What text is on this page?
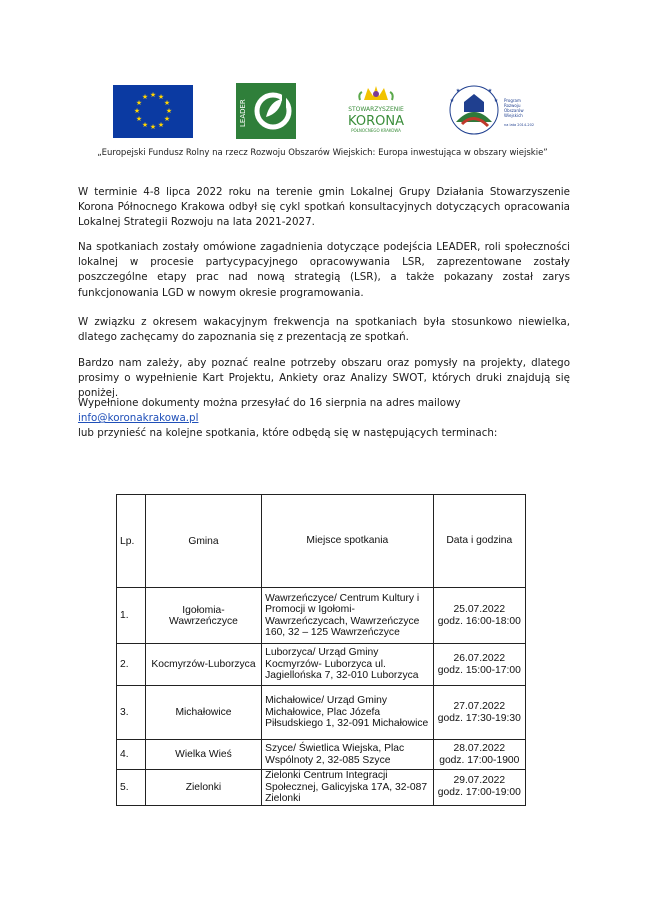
★ ★
★
★
★
★
★
★
★
★
★
★
LEADER	STOWARZYSZENIE
KORONA
PÓŁNOCNEGO KRAKOWA
★	★
★	★ Program
Rozwoju
Obszarów
Wiejskich
na lata 2014-2020
„Europejski Fundusz Rolny na rzecz Rozwoju Obszarów Wiejskich: Europa inwestująca w obszary wiejskie”
W terminie 4-8 lipca 2022 roku na terenie gmin Lokalnej Grupy Działania Stowarzyszenie Korona Północnego Krakowa odbył się cykl spotkań konsultacyjnych dotyczących opracowania Lokalnej Strategii Rozwoju na lata 2021-2027.
Na spotkaniach zostały omówione zagadnienia dotyczące podejścia LEADER, roli społeczności lokalnej w procesie partycypacyjnego opracowywania LSR, zaprezentowane zostały poszczególne etapy prac nad nową strategią (LSR), a także pokazany został zarys funkcjonowania LGD w nowym okresie programowania.
W związku z okresem wakacyjnym frekwencja na spotkaniach była stosunkowo niewielka, dlatego zachęcamy do zapoznania się z prezentacją ze spotkań.
Bardzo nam zależy, aby poznać realne potrzeby obszaru oraz pomysły na projekty, dlatego prosimy o wypełnienie Kart Projektu, Ankiety oraz Analizy SWOT, których druki znajdują się poniżej.
Wypełnione dokumenty można przesyłać do 16 sierpnia na adres mailowy info@koronakrakowa.pl
lub przynieść na kolejne spotkania, które odbędą się w następujących terminach:
Lp.	Gmina	Miejsce spotkania	Data i godzina
1.	Igołomia-Wawrzeńczyce	Wawrzeńczyce/ Centrum Kultury i Promocji w Igołomi-Wawrzeńczycach, Wawrzeńczyce 160, 32 – 125 Wawrzeńczyce	25.07.2022
godz. 16:00-18:00
2.	Kocmyrzów-Luborzyca	Luborzyca/ Urząd Gminy Kocmyrzów- Luborzyca ul. Jagiellońska 7, 32-010 Luborzyca	26.07.2022
godz. 15:00-17:00
3.	Michałowice	Michałowice/ Urząd Gminy Michałowice, Plac Józefa Piłsudskiego 1, 32-091 Michałowice	27.07.2022
godz. 17:30-19:30
4.	Wielka Wieś	Szyce/ Świetlica Wiejska, Plac Wspólnoty 2, 32-085 Szyce	28.07.2022
godz. 17:00-1900
5.	Zielonki	Zielonki Centrum Integracji Społecznej, Galicyjska 17A, 32-087 Zielonki	29.07.2022
godz. 17:00-19:00
